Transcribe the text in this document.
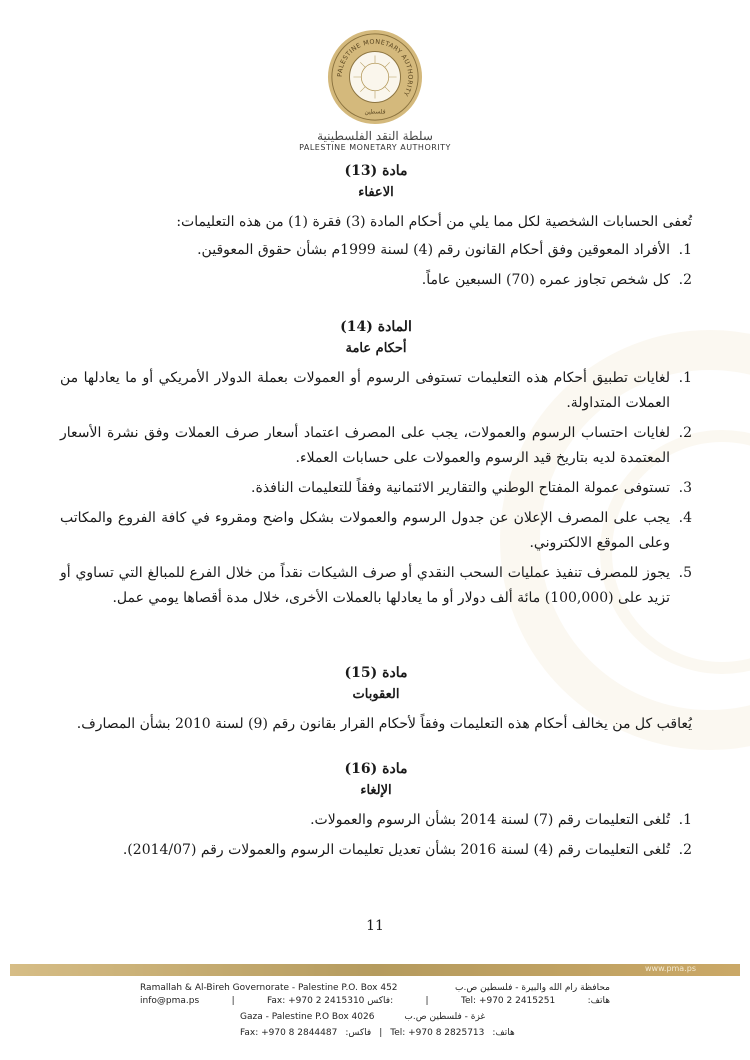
PALESTINE MONETARY AUTHORITY
فلسطين
سلطة النقد الفلسطينية
PALESTINE MONETARY AUTHORITY
مادة (13)
الاعفاء

تُعفى الحسابات الشخصية لكل مما يلي من أحكام المادة (3) فقرة (1) من هذه التعليمات:

1.
الأفراد المعوقين وفق أحكام القانون رقم (4) لسنة 1999م بشأن حقوق المعوقين.
2.
كل شخص تجاوز عمره (70) السبعين عاماً.
المادة (14)
أحكام عامة
1.
لغايات تطبيق أحكام هذه التعليمات تستوفى الرسوم أو العمولات بعملة الدولار الأمريكي أو ما يعادلها من العملات المتداولة.
2.
لغايات احتساب الرسوم والعمولات، يجب على المصرف اعتماد أسعار صرف العملات وفق نشرة الأسعار المعتمدة لديه بتاريخ قيد الرسوم والعمولات على حسابات العملاء.
3.
تستوفى عمولة المفتاح الوطني والتقارير الائتمانية وفقاً للتعليمات النافذة.
4.
يجب على المصرف الإعلان عن جدول الرسوم والعمولات بشكل واضح ومقروء في كافة الفروع والمكاتب وعلى الموقع الالكتروني.
5.
يجوز للمصرف تنفيذ عمليات السحب النقدي أو صرف الشيكات نقداً من خلال الفرع للمبالغ التي تساوي أو تزيد على (100,000) مائة ألف دولار أو ما يعادلها بالعملات الأخرى، خلال مدة أقصاها يومي عمل.
مادة (15)
العقوبات

يُعاقب كل من يخالف أحكام هذه التعليمات وفقاً لأحكام القرار بقانون رقم (9) لسنة 2010 بشأن المصارف.

مادة (16)
الإلغاء
1.
تُلغى التعليمات رقم (7) لسنة 2014 بشأن الرسوم والعمولات.
2.
تُلغى التعليمات رقم (4) لسنة 2016 بشأن تعديل تعليمات الرسوم والعمولات رقم (2014/07).
11
www.pma.ps
Ramallah & Al-Bireh Governorate - Palestine P.O. Box 452	محافظة رام الله والبيرة - فلسطين ص.ب
info@pma.ps	|	Fax: +970 2 2415310 فاكس:	|	Tel: +970 2 2415251	هاتف:
Gaza - Palestine P.O Box 4026	غزة - فلسطين ص.ب
Fax: +970 8 2844487 فاكس: | Tel: +970 8 2825713 هاتف:
